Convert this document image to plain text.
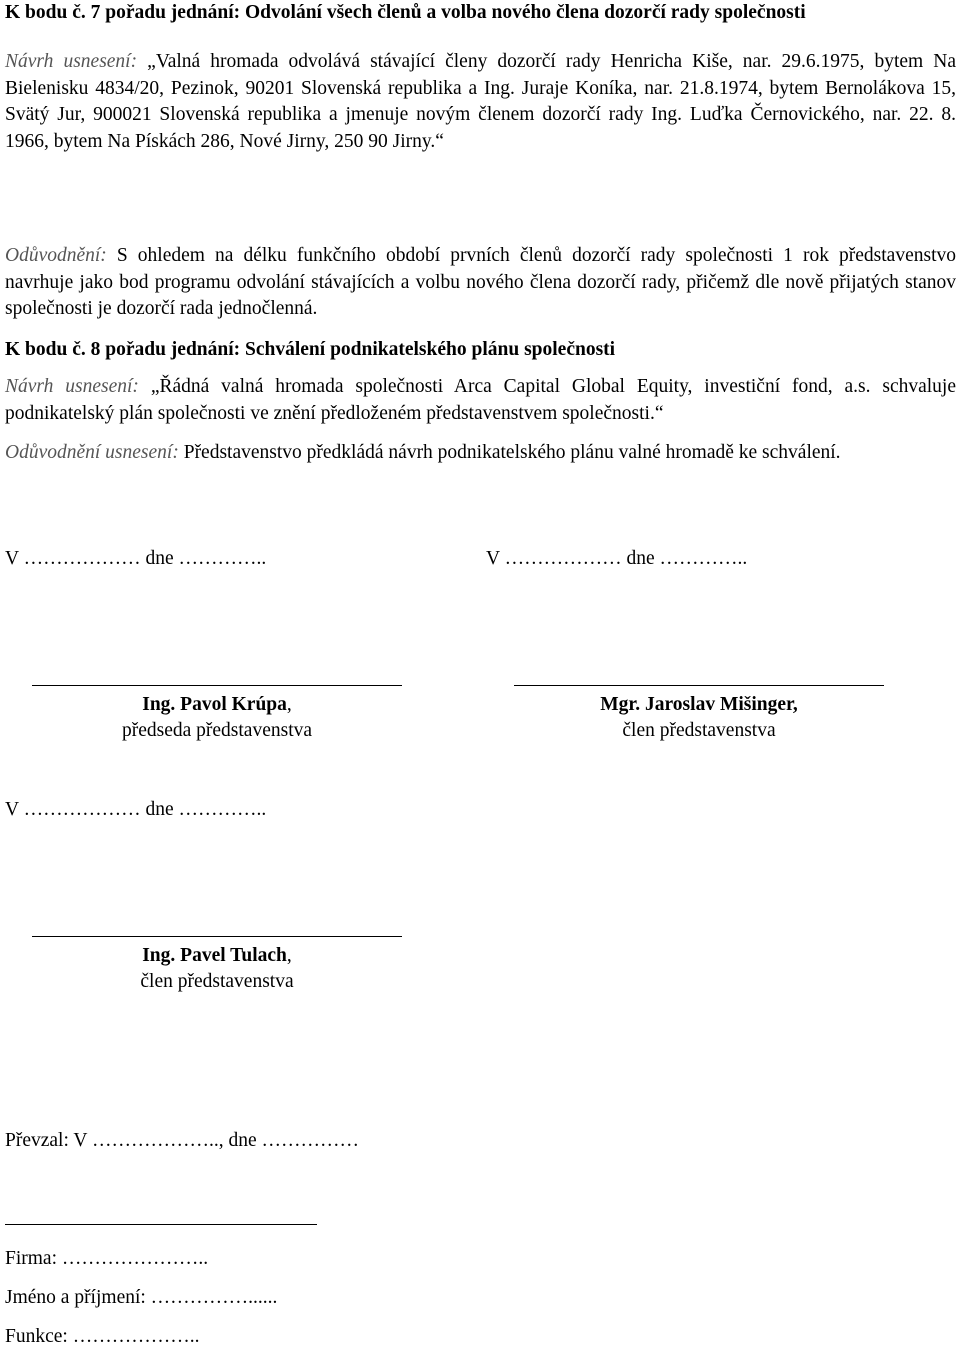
K bodu č. 7 pořadu jednání: Odvolání všech členů a volba nového člena dozorčí rady společnosti
Návrh usnesení: „Valná hromada odvolává stávající členy dozorčí rady Henricha Kiše, nar. 29.6.1975, bytem Na Bielenisku 4834/20, Pezinok, 90201 Slovenská republika a Ing. Juraje Koníka, nar. 21.8.1974, bytem Bernolákova 15, Svätý Jur, 900021 Slovenská republika a jmenuje novým členem dozorčí rady Ing. Luďka Černovického, nar. 22. 8. 1966, bytem Na Pískách 286, Nové Jirny, 250 90 Jirny.“
Odůvodnění: S ohledem na délku funkčního období prvních členů dozorčí rady společnosti 1 rok představenstvo navrhuje jako bod programu odvolání stávajících a volbu nového člena dozorčí rady, přičemž dle nově přijatých stanov společnosti je dozorčí rada jednočlenná.
K bodu č. 8 pořadu jednání: Schválení podnikatelského plánu společnosti
Návrh usnesení: „Řádná valná hromada společnosti Arca Capital Global Equity, investiční fond, a.s. schvaluje podnikatelský plán společnosti ve znění předloženém představenstvem společnosti.“
Odůvodnění usnesení: Představenstvo předkládá návrh podnikatelského plánu valné hromadě ke schválení.
V ……………… dne …………..	V ……………… dne …………..
Ing. Pavol Krúpa,
předseda představenstva
Mgr. Jaroslav Mišinger,
člen představenstva
V ……………… dne …………..
Ing. Pavel Tulach,
člen představenstva
Převzal: V ……………….., dne ……………
Firma: …………………..
Jméno a příjmení: ……………......
Funkce: ………………..
